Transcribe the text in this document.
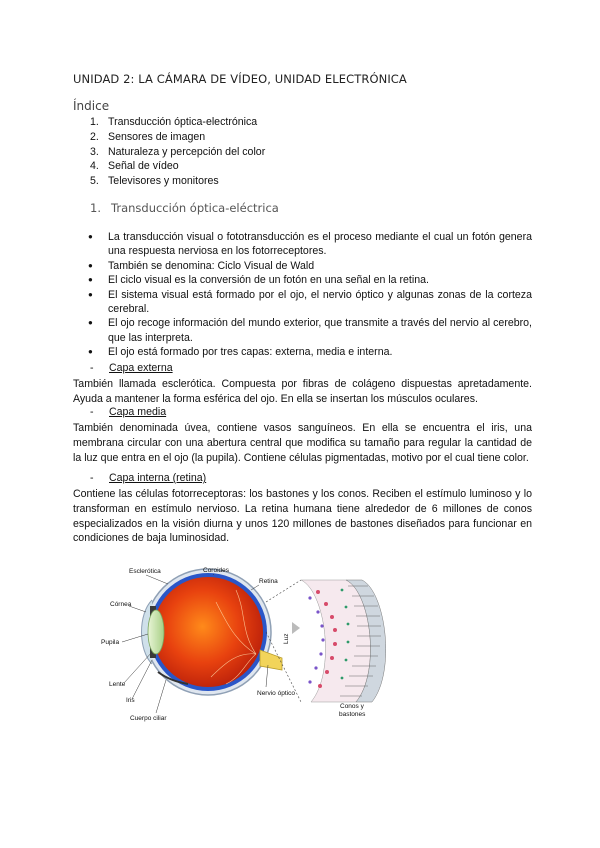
UNIDAD 2: LA CÁMARA DE VÍDEO, UNIDAD ELECTRÓNICA
Índice
1. Transducción óptica-electrónica
2. Sensores de imagen
3. Naturaleza y percepción del color
4. Señal de vídeo
5. Televisores y monitores
1. Transducción óptica-eléctrica
● La transducción visual o fototransducción es el proceso mediante el cual un fotón genera una respuesta nerviosa en los fotorreceptores.
● También se denomina: Ciclo Visual de Wald
● El ciclo visual es la conversión de un fotón en una señal en la retina.
● El sistema visual está formado por el ojo, el nervio óptico y algunas zonas de la corteza cerebral.
● El ojo recoge información del mundo exterior, que transmite a través del nervio al cerebro, que las interpreta.
● El ojo está formado por tres capas: externa, media e interna.
- Capa externa

También llamada esclerótica. Compuesta por fibras de colágeno dispuestas apretadamente. Ayuda a mantener la forma esférica del ojo. En ella se insertan los músculos oculares.

- Capa media

También denominada úvea, contiene vasos sanguíneos. En ella se encuentra el iris, una membrana circular con una abertura central que modifica su tamaño para regular la cantidad de la luz que entra en el ojo (la pupila). Contiene células pigmentadas, motivo por el cual tiene color.

- Capa interna (retina)

Contiene las células fotorreceptoras: los bastones y los conos. Reciben el estímulo luminoso y lo transforman en estímulo nervioso. La retina humana tiene alrededor de 6 millones de conos especializados en la visión diurna y unos 120 millones de bastones diseñados para funcionar en condiciones de baja luminosidad.

Luz
Esclerótica	Coroides
Retina
Córnea
Pupila
Lente
Iris
Cuerpo ciliar
Nervio óptico
Conos y
bastones
